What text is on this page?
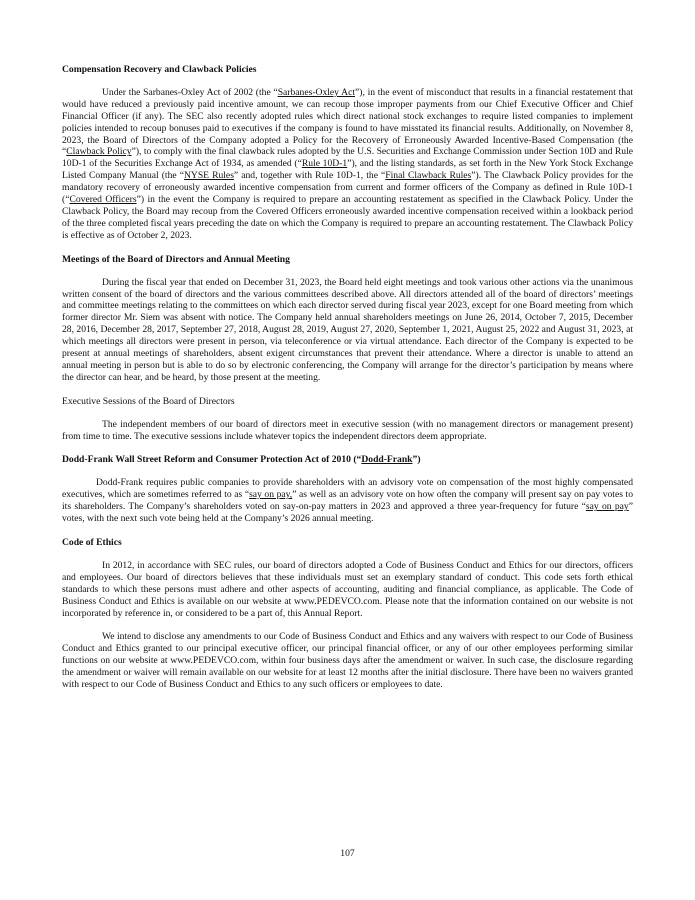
Compensation Recovery and Clawback Policies

Under the Sarbanes-Oxley Act of 2002 (the “Sarbanes-Oxley Act”), in the event of misconduct that results in a financial restatement that would have reduced a previously paid incentive amount, we can recoup those improper payments from our Chief Executive Officer and Chief Financial Officer (if any). The SEC also recently adopted rules which direct national stock exchanges to require listed companies to implement policies intended to recoup bonuses paid to executives if the company is found to have misstated its financial results. Additionally, on November 8, 2023, the Board of Directors of the Company adopted a Policy for the Recovery of Erroneously Awarded Incentive-Based Compensation (the “Clawback Policy”), to comply with the final clawback rules adopted by the U.S. Securities and Exchange Commission under Section 10D and Rule 10D-1 of the Securities Exchange Act of 1934, as amended (“Rule 10D-1”), and the listing standards, as set forth in the New York Stock Exchange Listed Company Manual (the “NYSE Rules” and, together with Rule 10D-1, the “Final Clawback Rules”). The Clawback Policy provides for the mandatory recovery of erroneously awarded incentive compensation from current and former officers of the Company as defined in Rule 10D-1 (“Covered Officers”) in the event the Company is required to prepare an accounting restatement as specified in the Clawback Policy. Under the Clawback Policy, the Board may recoup from the Covered Officers erroneously awarded incentive compensation received within a lookback period of the three completed fiscal years preceding the date on which the Company is required to prepare an accounting restatement. The Clawback Policy is effective as of October 2, 2023.

Meetings of the Board of Directors and Annual Meeting

During the fiscal year that ended on December 31, 2023, the Board held eight meetings and took various other actions via the unanimous written consent of the board of directors and the various committees described above. All directors attended all of the board of directors’ meetings and committee meetings relating to the committees on which each director served during fiscal year 2023, except for one Board meeting from which former director Mr. Siem was absent with notice. The Company held annual shareholders meetings on June 26, 2014, October 7, 2015, December 28, 2016, December 28, 2017, September 27, 2018, August 28, 2019, August 27, 2020, September 1, 2021, August 25, 2022 and August 31, 2023, at which meetings all directors were present in person, via teleconference or via virtual attendance. Each director of the Company is expected to be present at annual meetings of shareholders, absent exigent circumstances that prevent their attendance. Where a director is unable to attend an annual meeting in person but is able to do so by electronic conferencing, the Company will arrange for the director’s participation by means where the director can hear, and be heard, by those present at the meeting.

Executive Sessions of the Board of Directors

The independent members of our board of directors meet in executive session (with no management directors or management present) from time to time. The executive sessions include whatever topics the independent directors deem appropriate.

Dodd-Frank Wall Street Reform and Consumer Protection Act of 2010 (“Dodd-Frank”)

Dodd-Frank requires public companies to provide shareholders with an advisory vote on compensation of the most highly compensated executives, which are sometimes referred to as “say on pay,” as well as an advisory vote on how often the company will present say on pay votes to its shareholders. The Company’s shareholders voted on say-on-pay matters in 2023 and approved a three year-frequency for future “say on pay” votes, with the next such vote being held at the Company’s 2026 annual meeting.

Code of Ethics

In 2012, in accordance with SEC rules, our board of directors adopted a Code of Business Conduct and Ethics for our directors, officers and employees. Our board of directors believes that these individuals must set an exemplary standard of conduct. This code sets forth ethical standards to which these persons must adhere and other aspects of accounting, auditing and financial compliance, as applicable. The Code of Business Conduct and Ethics is available on our website at www.PEDEVCO.com. Please note that the information contained on our website is not incorporated by reference in, or considered to be a part of, this Annual Report.

We intend to disclose any amendments to our Code of Business Conduct and Ethics and any waivers with respect to our Code of Business Conduct and Ethics granted to our principal executive officer, our principal financial officer, or any of our other employees performing similar functions on our website at www.PEDEVCO.com, within four business days after the amendment or waiver. In such case, the disclosure regarding the amendment or waiver will remain available on our website for at least 12 months after the initial disclosure. There have been no waivers granted with respect to our Code of Business Conduct and Ethics to any such officers or employees to date.

107
